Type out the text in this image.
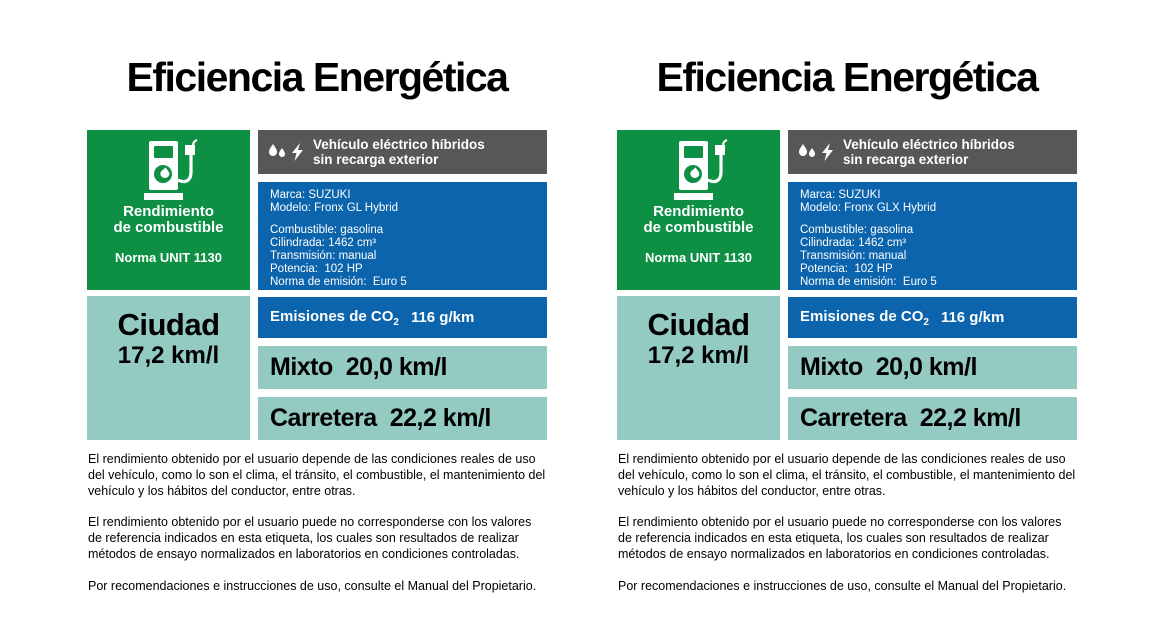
Eficiencia Energética
Rendimiento
de combustible
Norma UNIT 1130
Vehículo eléctrico híbridos
sin recarga exterior
Marca: SUZUKI
Modelo: Fronx GL Hybrid
Combustible: gasolina
Cilindrada: 1462 cm³
Transmisión: manual
Potencia:  102 HP
Norma de emisión:  Euro 5
Ciudad
17,2 km/l
Emisiones de $CO_2$ 116 g/km
Mixto 20,0 km/l
Carretera 22,2 km/l

El rendimiento obtenido por el usuario depende de las condiciones reales de uso del vehículo, como lo son el clima, el tránsito, el combustible, el mantenimiento del vehículo y los hábitos del conductor, entre otras.

El rendimiento obtenido por el usuario puede no corresponderse con los valores de referencia indicados en esta etiqueta, los cuales son resultados de realizar métodos de ensayo normalizados en laboratorios en condiciones controladas.

Por recomendaciones e instrucciones de uso, consulte el Manual del Propietario.

Eficiencia Energética
Rendimiento
de combustible
Norma UNIT 1130
Vehículo eléctrico híbridos
sin recarga exterior
Marca: SUZUKI
Modelo: Fronx GLX Hybrid
Combustible: gasolina
Cilindrada: 1462 cm³
Transmisión: manual
Potencia:  102 HP
Norma de emisión:  Euro 5
Ciudad
17,2 km/l
Emisiones de $CO_2$ 116 g/km
Mixto 20,0 km/l
Carretera 22,2 km/l

El rendimiento obtenido por el usuario depende de las condiciones reales de uso del vehículo, como lo son el clima, el tránsito, el combustible, el mantenimiento del vehículo y los hábitos del conductor, entre otras.

El rendimiento obtenido por el usuario puede no corresponderse con los valores de referencia indicados en esta etiqueta, los cuales son resultados de realizar métodos de ensayo normalizados en laboratorios en condiciones controladas.

Por recomendaciones e instrucciones de uso, consulte el Manual del Propietario.
